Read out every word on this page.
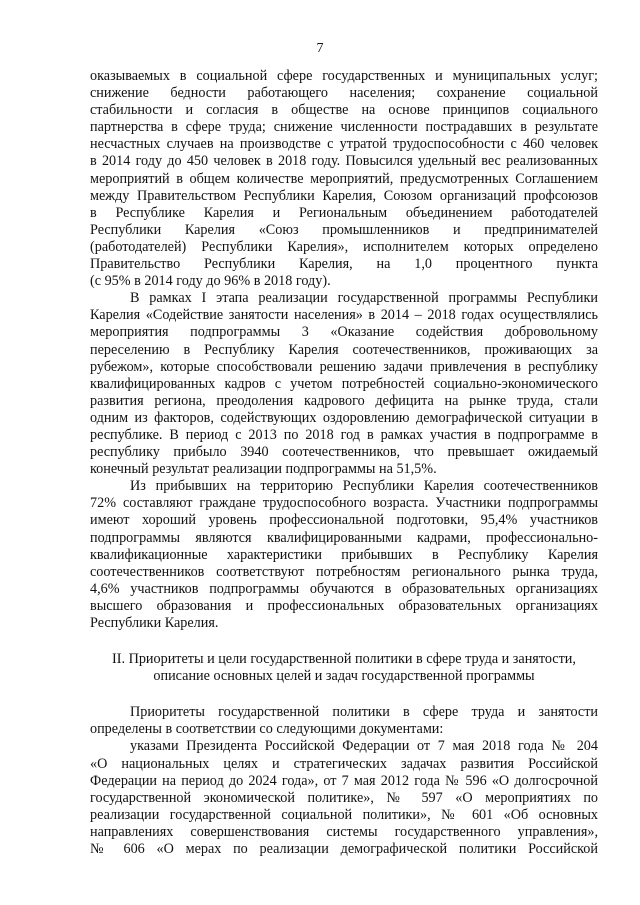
7
оказываемых в социальной сфере государственных и муниципальных услуг;
снижение бедности работающего населения; сохранение социальной
стабильности и согласия в обществе на основе принципов социального
партнерства в сфере труда; снижение численности пострадавших в результате
несчастных случаев на производстве с утратой трудоспособности с 460 человек
в 2014 году до 450 человек в 2018 году. Повысился удельный вес реализованных
мероприятий в общем количестве мероприятий, предусмотренных Соглашением
между Правительством Республики Карелия, Союзом организаций профсоюзов
в Республике Карелия и Региональным объединением работодателей
Республики Карелия «Союз промышленников и предпринимателей
(работодателей) Республики Карелия», исполнителем которых определено
Правительство Республики Карелия, на 1,0 процентного пункта
(с 95% в 2014 году до 96% в 2018 году).
В рамках I этапа реализации государственной программы Республики
Карелия «Содействие занятости населения» в 2014 – 2018 годах осуществлялись
мероприятия подпрограммы 3 «Оказание содействия добровольному
переселению в Республику Карелия соотечественников, проживающих за
рубежом», которые способствовали решению задачи привлечения в республику
квалифицированных кадров с учетом потребностей социально-экономического
развития региона, преодоления кадрового дефицита на рынке труда, стали
одним из факторов, содействующих оздоровлению демографической ситуации в
республике. В период с 2013 по 2018 год в рамках участия в подпрограмме в
республику прибыло 3940 соотечественников, что превышает ожидаемый
конечный результат реализации подпрограммы на 51,5%.
Из прибывших на территорию Республики Карелия соотечественников
72% составляют граждане трудоспособного возраста. Участники подпрограммы
имеют хороший уровень профессиональной подготовки, 95,4% участников
подпрограммы являются квалифицированными кадрами, профессионально-
квалификационные характеристики прибывших в Республику Карелия
соотечественников соответствуют потребностям регионального рынка труда,
4,6% участников подпрограммы обучаются в образовательных организациях
высшего образования и профессиональных образовательных организациях
Республики Карелия.
II. Приоритеты и цели государственной политики в сфере труда и занятости,
описание основных целей и задач государственной программы
Приоритеты государственной политики в сфере труда и занятости
определены в соответствии со следующими документами:
указами Президента Российской Федерации от 7 мая 2018 года № 204
«О национальных целях и стратегических задачах развития Российской
Федерации на период до 2024 года», от 7 мая 2012 года № 596 «О долгосрочной
государственной экономической политике», № 597 «О мероприятиях по
реализации государственной социальной политики», № 601 «Об основных
направлениях совершенствования системы государственного управления»,
№ 606 «О мерах по реализации демографической политики Российской
